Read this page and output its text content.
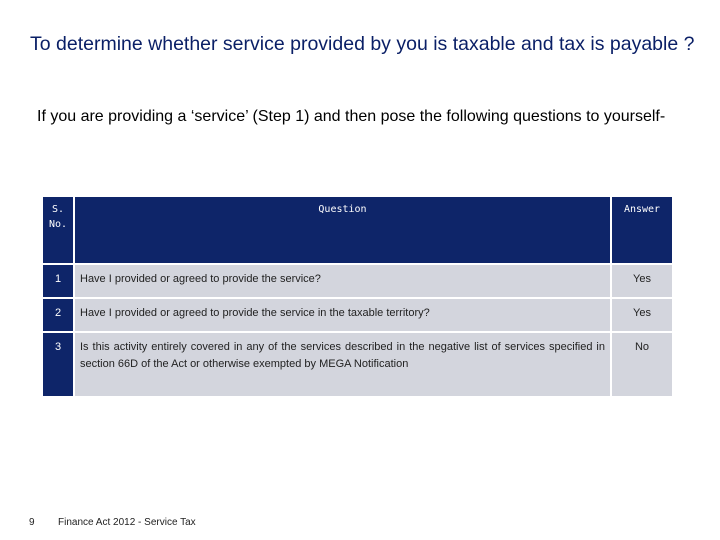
To determine whether service provided by you is taxable and tax is payable ?
If you are providing a ‘service’ (Step 1) and then pose the following questions to yourself-
S. No.	Question	Answer
1	Have I provided or agreed to provide the service?	Yes
2	Have I provided or agreed to provide the service in the taxable territory?	Yes
3	Is this activity entirely covered in any of the services described in the negative list of services specified in section 66D of the Act or otherwise exempted by MEGA Notification	No
9 Finance Act 2012 - Service Tax
